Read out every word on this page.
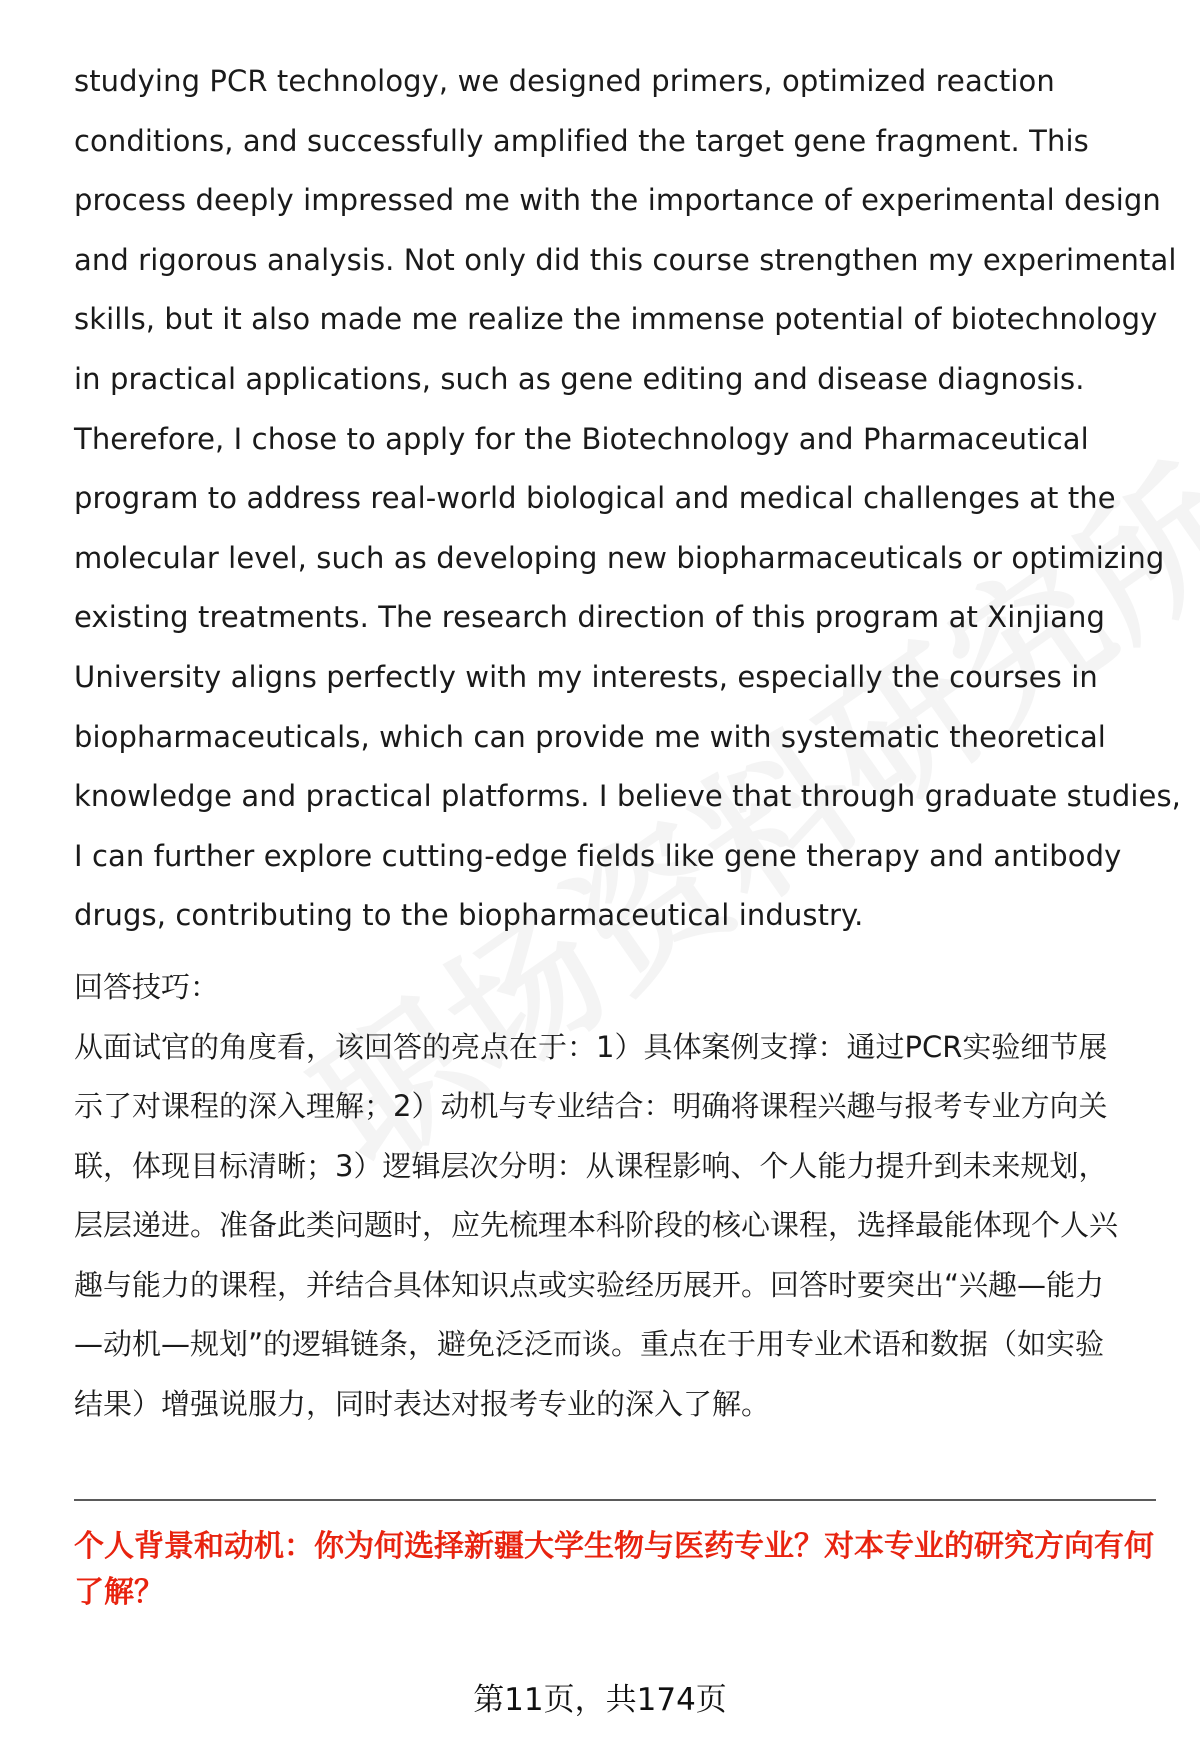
studying PCR technology, we designed primers, optimized reaction
conditions, and successfully amplified the target gene fragment. This
process deeply impressed me with the importance of experimental design
and rigorous analysis. Not only did this course strengthen my experimental
skills, but it also made me realize the immense potential of biotechnology
in practical applications, such as gene editing and disease diagnosis.
Therefore, I chose to apply for the Biotechnology and Pharmaceutical
program to address real-world biological and medical challenges at the
molecular level, such as developing new biopharmaceuticals or optimizing
existing treatments. The research direction of this program at Xinjiang
University aligns perfectly with my interests, especially the courses in
biopharmaceuticals, which can provide me with systematic theoretical
knowledge and practical platforms. I believe that through graduate studies,
I can further explore cutting-edge fields like gene therapy and antibody
drugs, contributing to the biopharmaceutical industry.

回答技巧：

从面试官的角度看，该回答的亮点在于：1）具体案例支撑：通过PCR实验细节展
示了对课程的深入理解；2）动机与专业结合：明确将课程兴趣与报考专业方向关
联，体现目标清晰；3）逻辑层次分明：从课程影响、个人能力提升到未来规划，
层层递进。准备此类问题时，应先梳理本科阶段的核心课程，选择最能体现个人兴
趣与能力的课程，并结合具体知识点或实验经历展开。回答时要突出“兴趣—能力
—动机—规划”的逻辑链条，避免泛泛而谈。重点在于用专业术语和数据（如实验
结果）增强说服力，同时表达对报考专业的深入了解。

个人背景和动机：你为何选择新疆大学生物与医药专业？对本专业的研究方向有何
了解？

第11页，共174页
